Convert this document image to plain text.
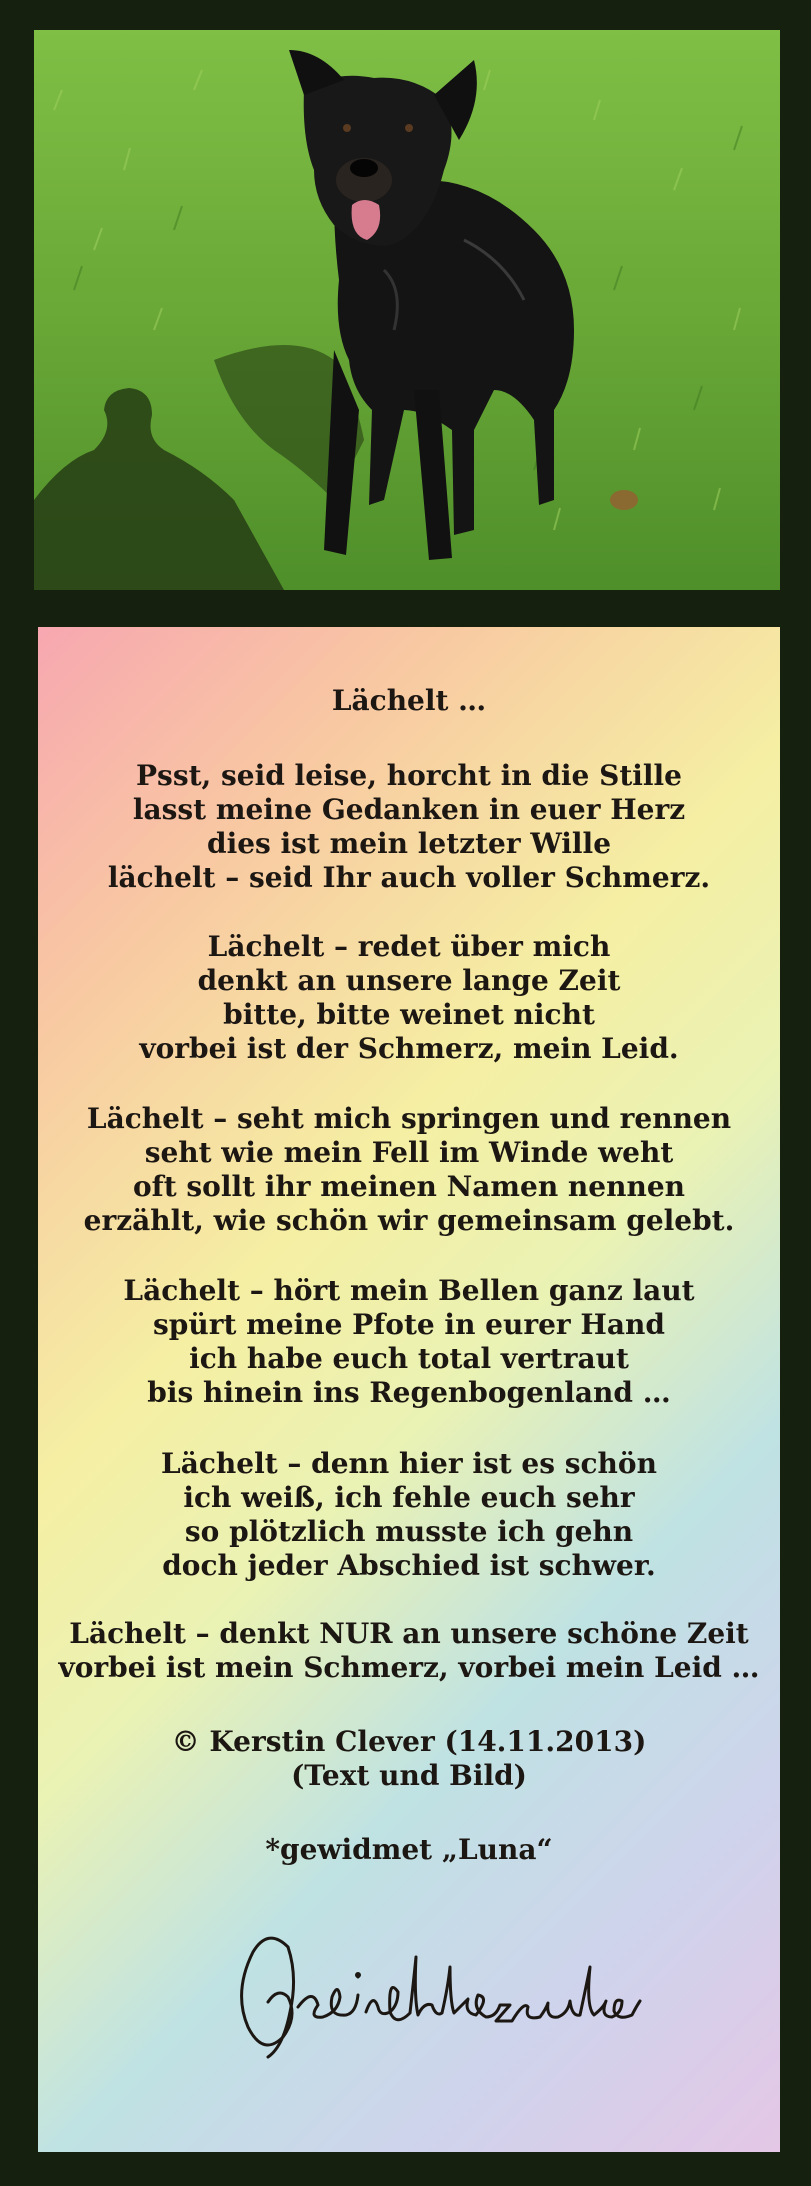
Lächelt …
Psst, seid leise, horcht in die Stille
lasst meine Gedanken in euer Herz
dies ist mein letzter Wille
lächelt – seid Ihr auch voller Schmerz.
Lächelt – redet über mich
denkt an unsere lange Zeit
bitte, bitte weinet nicht
vorbei ist der Schmerz, mein Leid.
Lächelt – seht mich springen und rennen
seht wie mein Fell im Winde weht
oft sollt ihr meinen Namen nennen
erzählt, wie schön wir gemeinsam gelebt.
Lächelt – hört mein Bellen ganz laut
spürt meine Pfote in eurer Hand
ich habe euch total vertraut
bis hinein ins Regenbogenland …
Lächelt – denn hier ist es schön
ich weiß, ich fehle euch sehr
so plötzlich musste ich gehn
doch jeder Abschied ist schwer.
Lächelt – denkt NUR an unsere schöne Zeit
vorbei ist mein Schmerz, vorbei mein Leid …
© Kerstin Clever (14.11.2013)
(Text und Bild)
*gewidmet „Luna“
